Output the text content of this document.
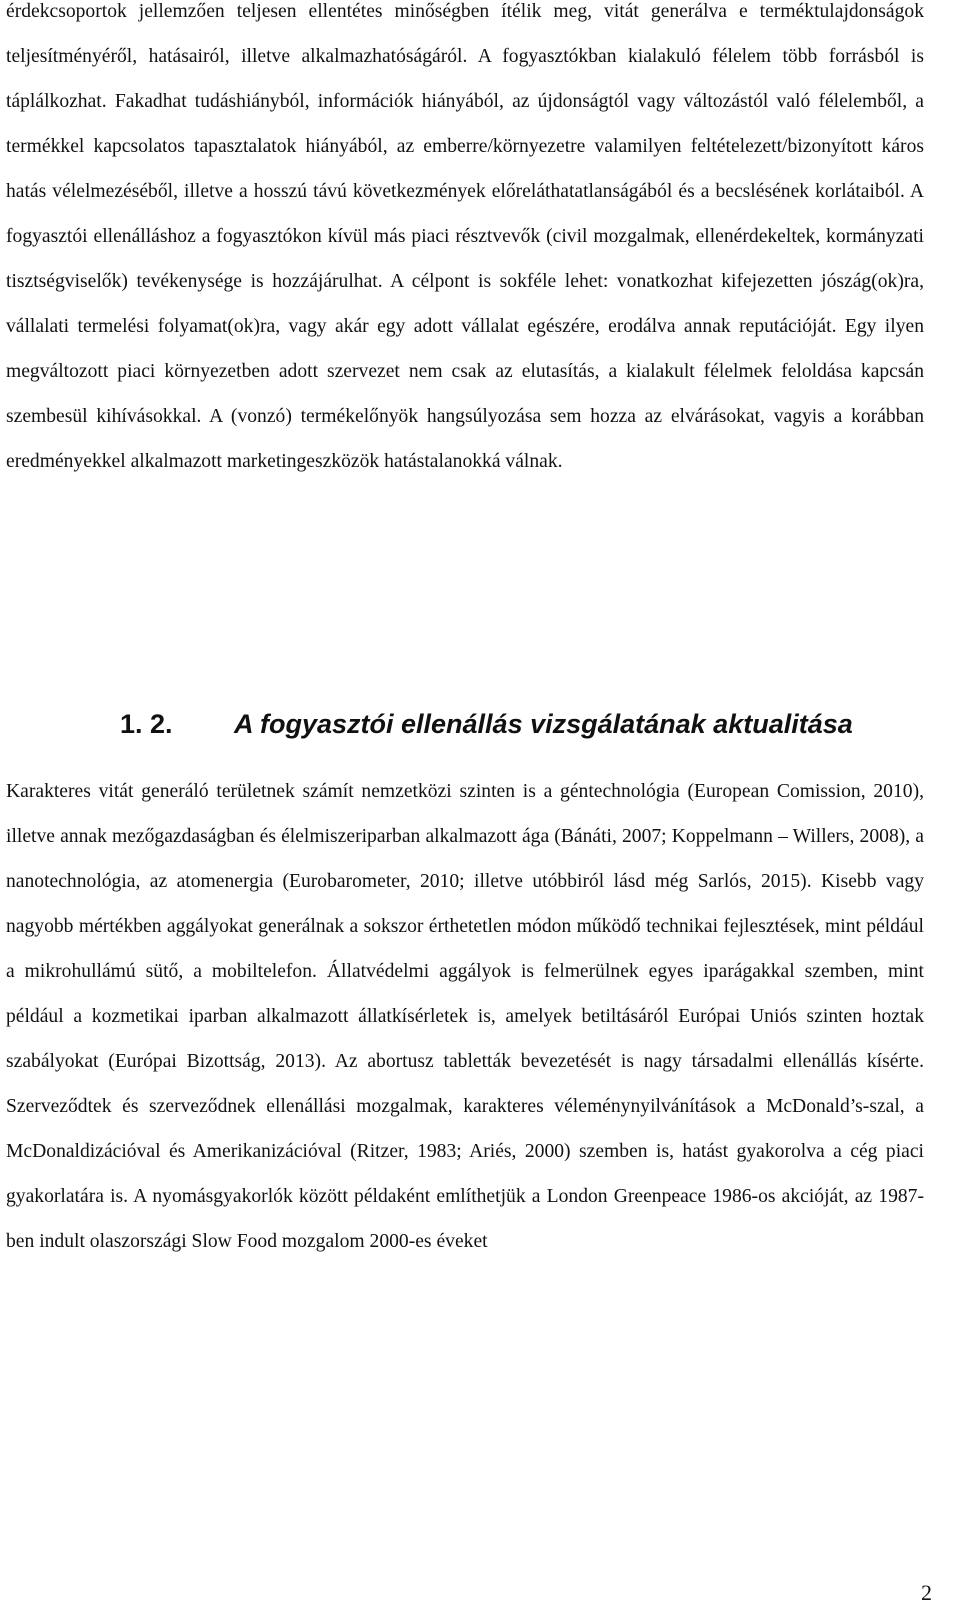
érdekcsoportok jellemzően teljesen ellentétes minőségben ítélik meg, vitát generálva e terméktulajdonságok teljesítményéről, hatásairól, illetve alkalmazhatóságáról. A fogyasztókban kialakuló félelem több forrásból is táplálkozhat. Fakadhat tudáshiányból, információk hiányából, az újdonságtól vagy változástól való félelemből, a termékkel kapcsolatos tapasztalatok hiányából, az emberre/környezetre valamilyen feltételezett/bizonyított káros hatás vélelmezéséből, illetve a hosszú távú következmények előreláthatatlanságából és a becslésének korlátaiból. A fogyasztói ellenálláshoz a fogyasztókon kívül más piaci résztvevők (civil mozgalmak, ellenérdekeltek, kormányzati tisztségviselők) tevékenysége is hozzájárulhat. A célpont is sokféle lehet: vonatkozhat kifejezetten jószág(ok)ra, vállalati termelési folyamat(ok)ra, vagy akár egy adott vállalat egészére, erodálva annak reputációját. Egy ilyen megváltozott piaci környezetben adott szervezet nem csak az elutasítás, a kialakult félelmek feloldása kapcsán szembesül kihívásokkal. A (vonzó) termékelőnyök hangsúlyozása sem hozza az elvárásokat, vagyis a korábban eredményekkel alkalmazott marketingeszközök hatástalanokká válnak.

1. 2. A fogyasztói ellenállás vizsgálatának aktualitása

Karakteres vitát generáló területnek számít nemzetközi szinten is a géntechnológia (European Comission, 2010), illetve annak mezőgazdaságban és élelmiszeriparban alkalmazott ága (Bánáti, 2007; Koppelmann – Willers, 2008), a nanotechnológia, az atomenergia (Eurobarometer, 2010; illetve utóbbiról lásd még Sarlós, 2015). Kisebb vagy nagyobb mértékben aggályokat generálnak a sokszor érthetetlen módon működő technikai fejlesztések, mint például a mikrohullámú sütő, a mobiltelefon. Állatvédelmi aggályok is felmerülnek egyes iparágakkal szemben, mint például a kozmetikai iparban alkalmazott állatkísérletek is, amelyek betiltásáról Európai Uniós szinten hoztak szabályokat (Európai Bizottság, 2013). Az abortusz tabletták bevezetését is nagy társadalmi ellenállás kísérte. Szerveződtek és szerveződnek ellenállási mozgalmak, karakteres véleménynyilvánítások a McDonald’s-szal, a McDonaldizációval és Amerikanizációval (Ritzer, 1983; Ariés, 2000) szemben is, hatást gyakorolva a cég piaci gyakorlatára is. A nyomásgyakorlók között példaként említhetjük a London Greenpeace 1986-os akcióját, az 1987-ben indult olaszországi Slow Food mozgalom 2000-es éveket

2
